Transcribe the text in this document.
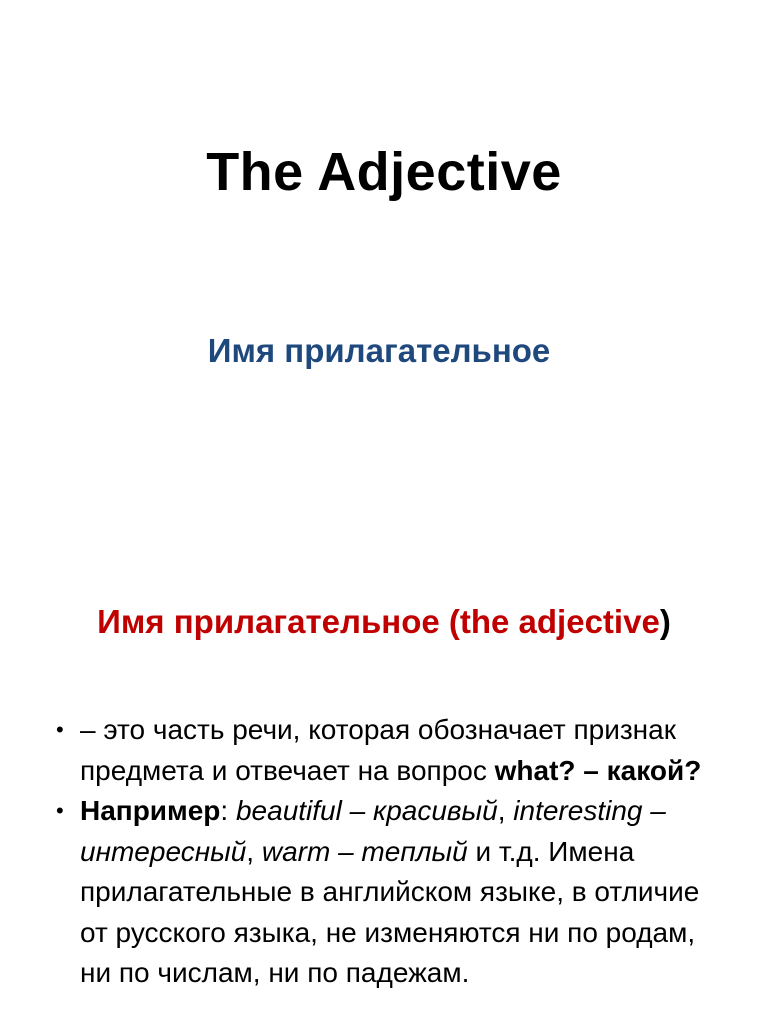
The Adjective
Имя прилагательное
Имя прилагательное (the adjective)
• – это часть речи, которая обозначает признак предмета и отвечает на вопрос what? – какой?
• Например: beautiful – красивый, interesting – интересный, warm – теплый и т.д. Имена прилагательные в английском языке, в отличие от русского языка, не изменяются ни по родам, ни по числам, ни по падежам.
